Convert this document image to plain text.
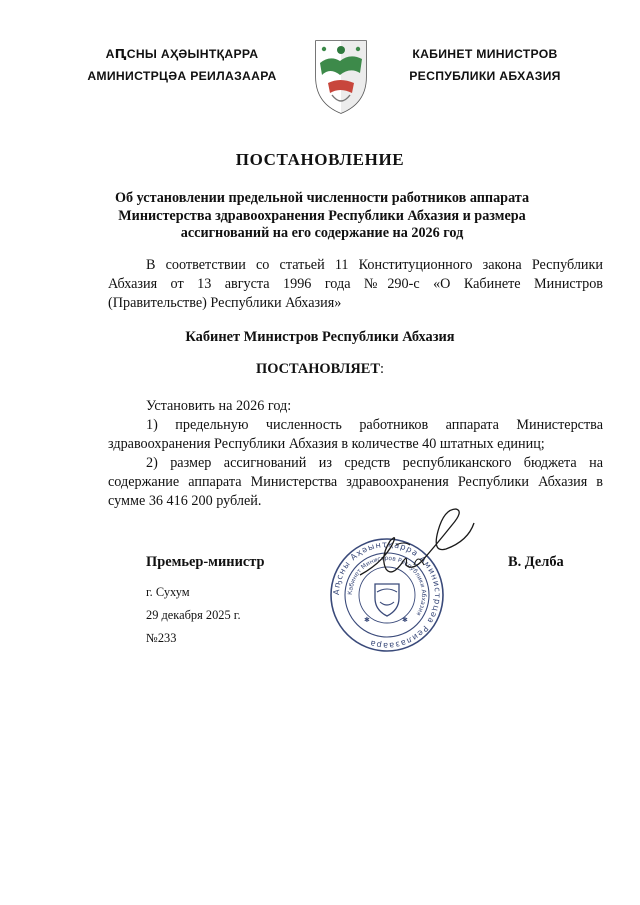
АԤСНЫ АҲӘЫНТҚАРРА
АМИНИСТРЦӘА РЕИЛАЗААРА
КАБИНЕТ МИНИСТРОВ
РЕСПУБЛИКИ АБХАЗИЯ
ПОСТАНОВЛЕНИЕ
Об установлении предельной численности работников аппарата Министерства здравоохранения Республики Абхазия и размера ассигнований на его содержание на 2026 год
В соответствии со статьей 11 Конституционного закона Республики Абхазия от 13 августа 1996 года №290-с «О Кабинете Министров (Правительстве) Республики Абхазия»
Кабинет Министров Республики Абхазия
ПОСТАНОВЛЯЕТ:
Установить на 2026 год:
1) предельную численность работников аппарата Министерства здравоохранения Республики Абхазия в количестве 40 штатных единиц;
2) размер ассигнований из средств республиканского бюджета на содержание аппарата Министерства здравоохранения Республики Абхазия в сумме 36 416 200 рублей.
Аҧсны Аҳәынҭқарра Аминистрцәа Реилазаара
Кабинет Министров Республики Абхазия
✱	✱
Премьер-министр	В. Делба
г. Сухум
29 декабря 2025 г.
№233
